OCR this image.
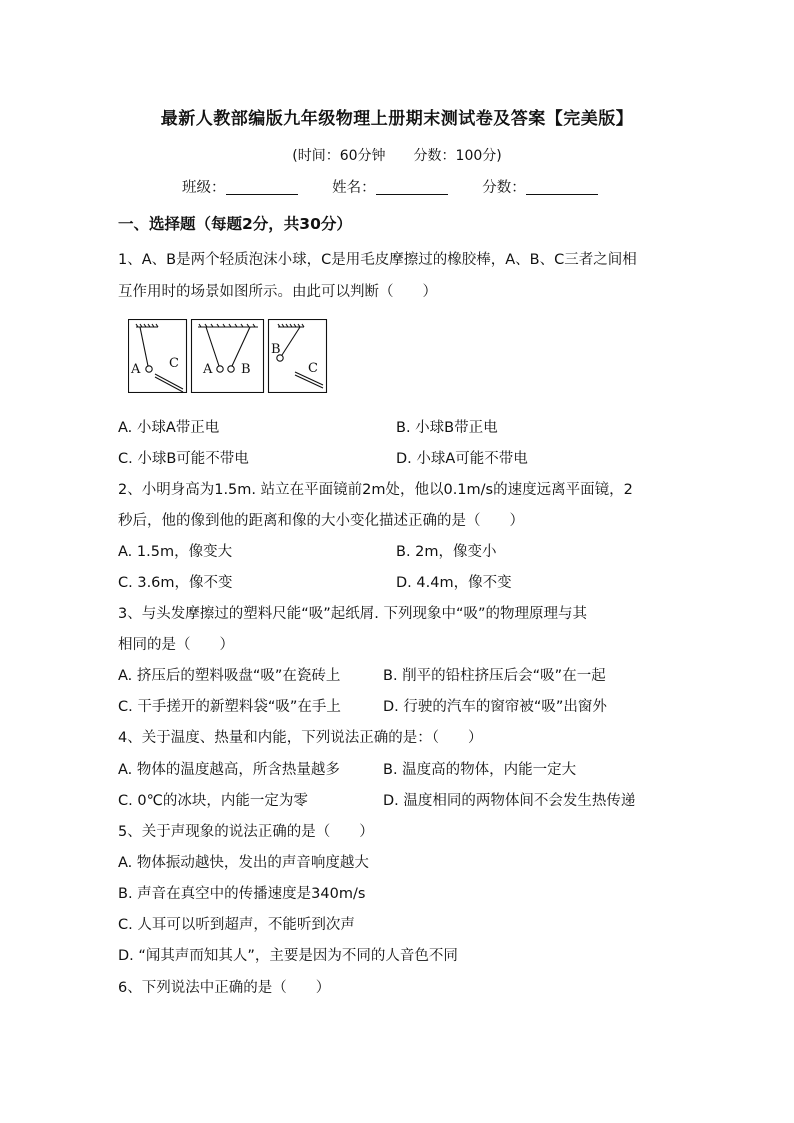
最新人教部编版九年级物理上册期末测试卷及答案【完美版】
(时间：60分钟　　分数：100分)
班级：	姓名：	分数：
一、选择题（每题2分，共30分）
1、A、B是两个轻质泡沫小球，C是用毛皮摩擦过的橡胶棒，A、B、C三者之间相
互作用时的场景如图所示。由此可以判断（　　）
A C A B
B
C
A. 小球A带正电	B. 小球B带正电
C. 小球B可能不带电	D. 小球A可能不带电
2、小明身高为1.5m. 站立在平面镜前2m处，他以0.1m/s的速度远离平面镜，2
秒后，他的像到他的距离和像的大小变化描述正确的是（　　）
A. 1.5m，像变大	B. 2m，像变小
C. 3.6m，像不变	D. 4.4m，像不变
3、与头发摩擦过的塑料尺能“吸”起纸屑. 下列现象中“吸”的物理原理与其
相同的是（　　）
A. 挤压后的塑料吸盘“吸”在瓷砖上	B. 削平的铅柱挤压后会“吸”在一起
C. 干手搓开的新塑料袋“吸”在手上	D. 行驶的汽车的窗帘被“吸”出窗外
4、关于温度、热量和内能，下列说法正确的是：（　　）
A. 物体的温度越高，所含热量越多	B. 温度高的物体，内能一定大
C. 0℃的冰块，内能一定为零	D. 温度相同的两物体间不会发生热传递
5、关于声现象的说法正确的是（　　）
A. 物体振动越快，发出的声音响度越大
B. 声音在真空中的传播速度是340m/s
C. 人耳可以听到超声，不能听到次声
D. “闻其声而知其人”，主要是因为不同的人音色不同
6、下列说法中正确的是（　　）
